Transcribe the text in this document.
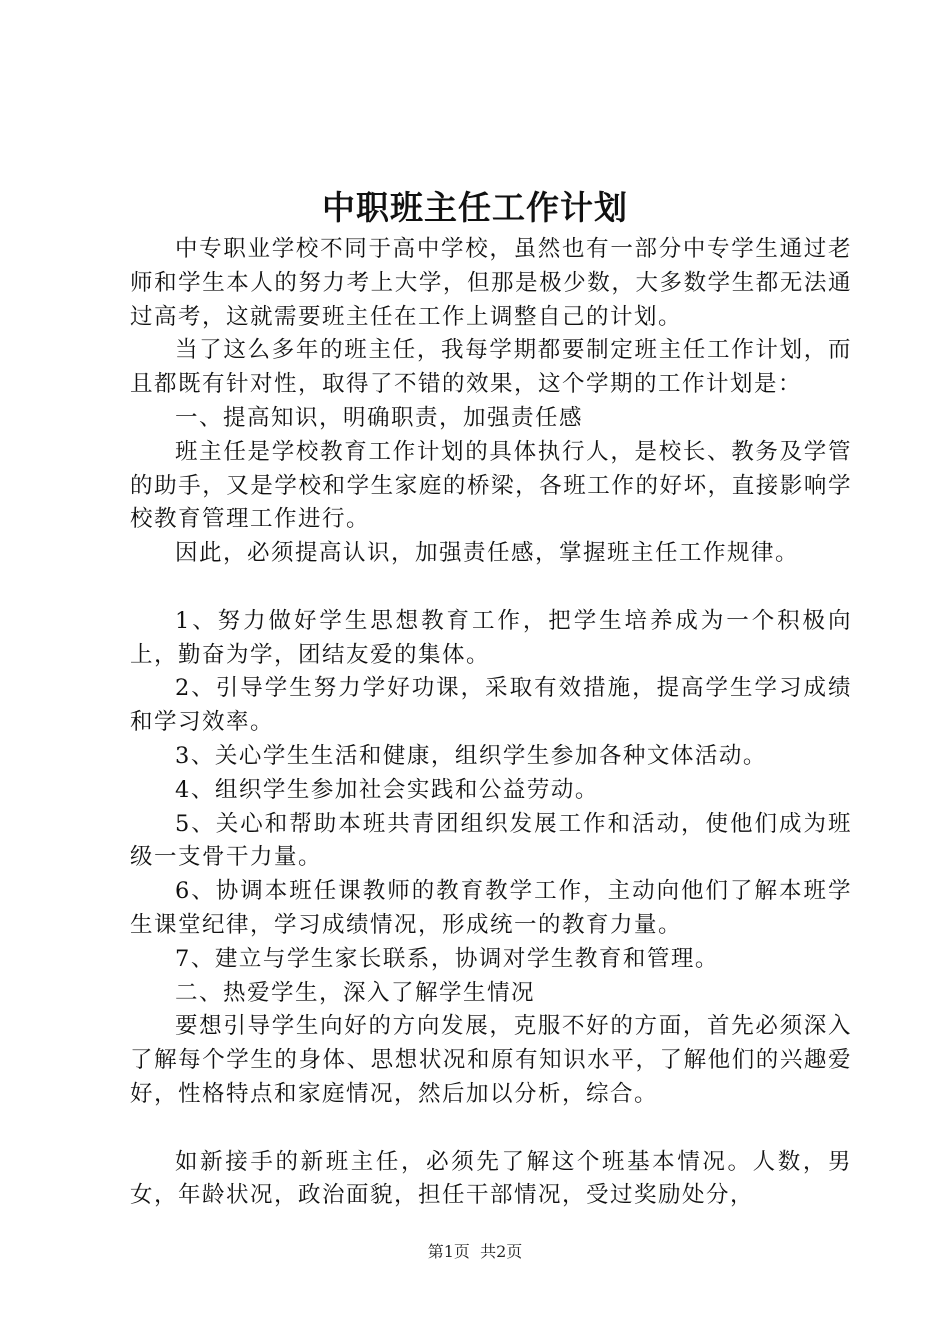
中职班主任工作计划

中专职业学校不同于高中学校，虽然也有一部分中专学生通过老师和学生本人的努力考上大学，但那是极少数，大多数学生都无法通过高考，这就需要班主任在工作上调整自己的计划。

当了这么多年的班主任，我每学期都要制定班主任工作计划，而且都既有针对性，取得了不错的效果，这个学期的工作计划是：

一、提高知识，明确职责，加强责任感

班主任是学校教育工作计划的具体执行人，是校长、教务及学管的助手，又是学校和学生家庭的桥梁，各班工作的好坏，直接影响学校教育管理工作进行。

因此，必须提高认识，加强责任感，掌握班主任工作规律。

1、努力做好学生思想教育工作，把学生培养成为一个积极向上，勤奋为学，团结友爱的集体。

2、引导学生努力学好功课，采取有效措施，提高学生学习成绩和学习效率。

3、关心学生生活和健康，组织学生参加各种文体活动。

4、组织学生参加社会实践和公益劳动。

5、关心和帮助本班共青团组织发展工作和活动，使他们成为班级一支骨干力量。

6、协调本班任课教师的教育教学工作，主动向他们了解本班学生课堂纪律，学习成绩情况，形成统一的教育力量。

7、建立与学生家长联系，协调对学生教育和管理。

二、热爱学生，深入了解学生情况

要想引导学生向好的方向发展，克服不好的方面，首先必须深入了解每个学生的身体、思想状况和原有知识水平，了解他们的兴趣爱好，性格特点和家庭情况，然后加以分析，综合。

如新接手的新班主任，必须先了解这个班基本情况。人数，男女，年龄状况，政治面貌，担任干部情况，受过奖励处分，

第1页 共2页
